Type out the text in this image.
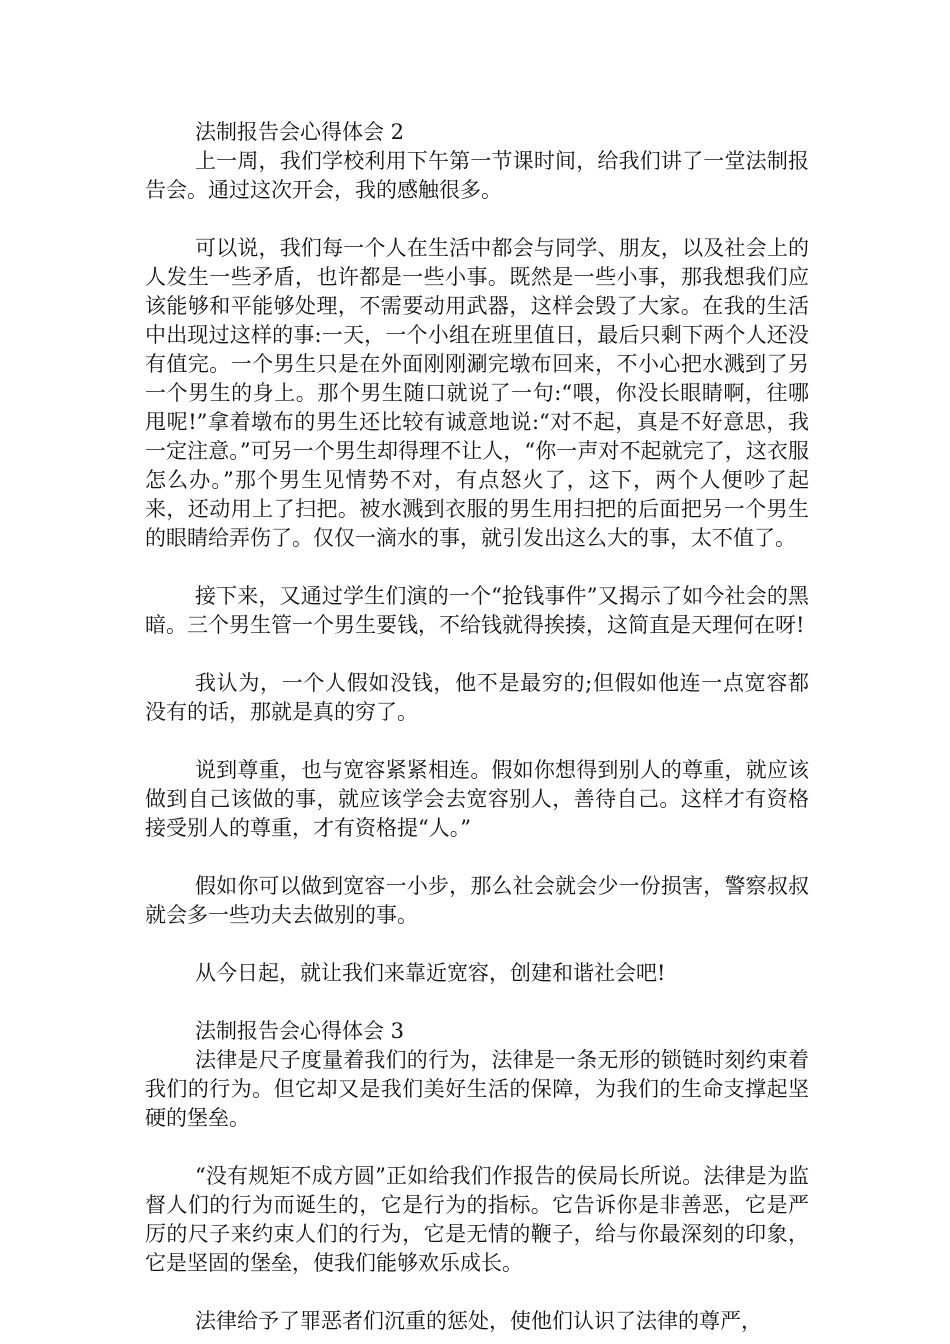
法制报告会心得体会 2

上一周，我们学校利用下午第一节课时间，给我们讲了一堂法制报告会。通过这次开会，我的感触很多。

可以说，我们每一个人在生活中都会与同学、朋友，以及社会上的人发生一些矛盾，也许都是一些小事。既然是一些小事，那我想我们应该能够和平能够处理，不需要动用武器，这样会毁了大家。在我的生活中出现过这样的事:一天，一个小组在班里值日，最后只剩下两个人还没有值完。一个男生只是在外面刚刚涮完墩布回来，不小心把水溅到了另一个男生的身上。那个男生随口就说了一句:“喂，你没长眼睛啊，往哪甩呢!”拿着墩布的男生还比较有诚意地说:“对不起，真是不好意思，我一定注意。”可另一个男生却得理不让人，“你一声对不起就完了，这衣服怎么办。”那个男生见情势不对，有点怒火了，这下，两个人便吵了起来，还动用上了扫把。被水溅到衣服的男生用扫把的后面把另一个男生的眼睛给弄伤了。仅仅一滴水的事，就引发出这么大的事，太不值了。

接下来，又通过学生们演的一个“抢钱事件”又揭示了如今社会的黑暗。三个男生管一个男生要钱，不给钱就得挨揍，这简直是天理何在呀!

我认为，一个人假如没钱，他不是最穷的;但假如他连一点宽容都没有的话，那就是真的穷了。

说到尊重，也与宽容紧紧相连。假如你想得到别人的尊重，就应该做到自己该做的事，就应该学会去宽容别人，善待自己。这样才有资格接受别人的尊重，才有资格提“人。”

假如你可以做到宽容一小步，那么社会就会少一份损害，警察叔叔就会多一些功夫去做别的事。

从今日起，就让我们来靠近宽容，创建和谐社会吧!

法制报告会心得体会 3

法律是尺子度量着我们的行为，法律是一条无形的锁链时刻约束着我们的行为。但它却又是我们美好生活的保障，为我们的生命支撑起坚硬的堡垒。

“没有规矩不成方圆”正如给我们作报告的侯局长所说。法律是为监督人们的行为而诞生的，它是行为的指标。它告诉你是非善恶，它是严厉的尺子来约束人们的行为，它是无情的鞭子，给与你最深刻的印象，它是坚固的堡垒，使我们能够欢乐成长。

法律给予了罪恶者们沉重的惩处，使他们认识了法律的尊严，
